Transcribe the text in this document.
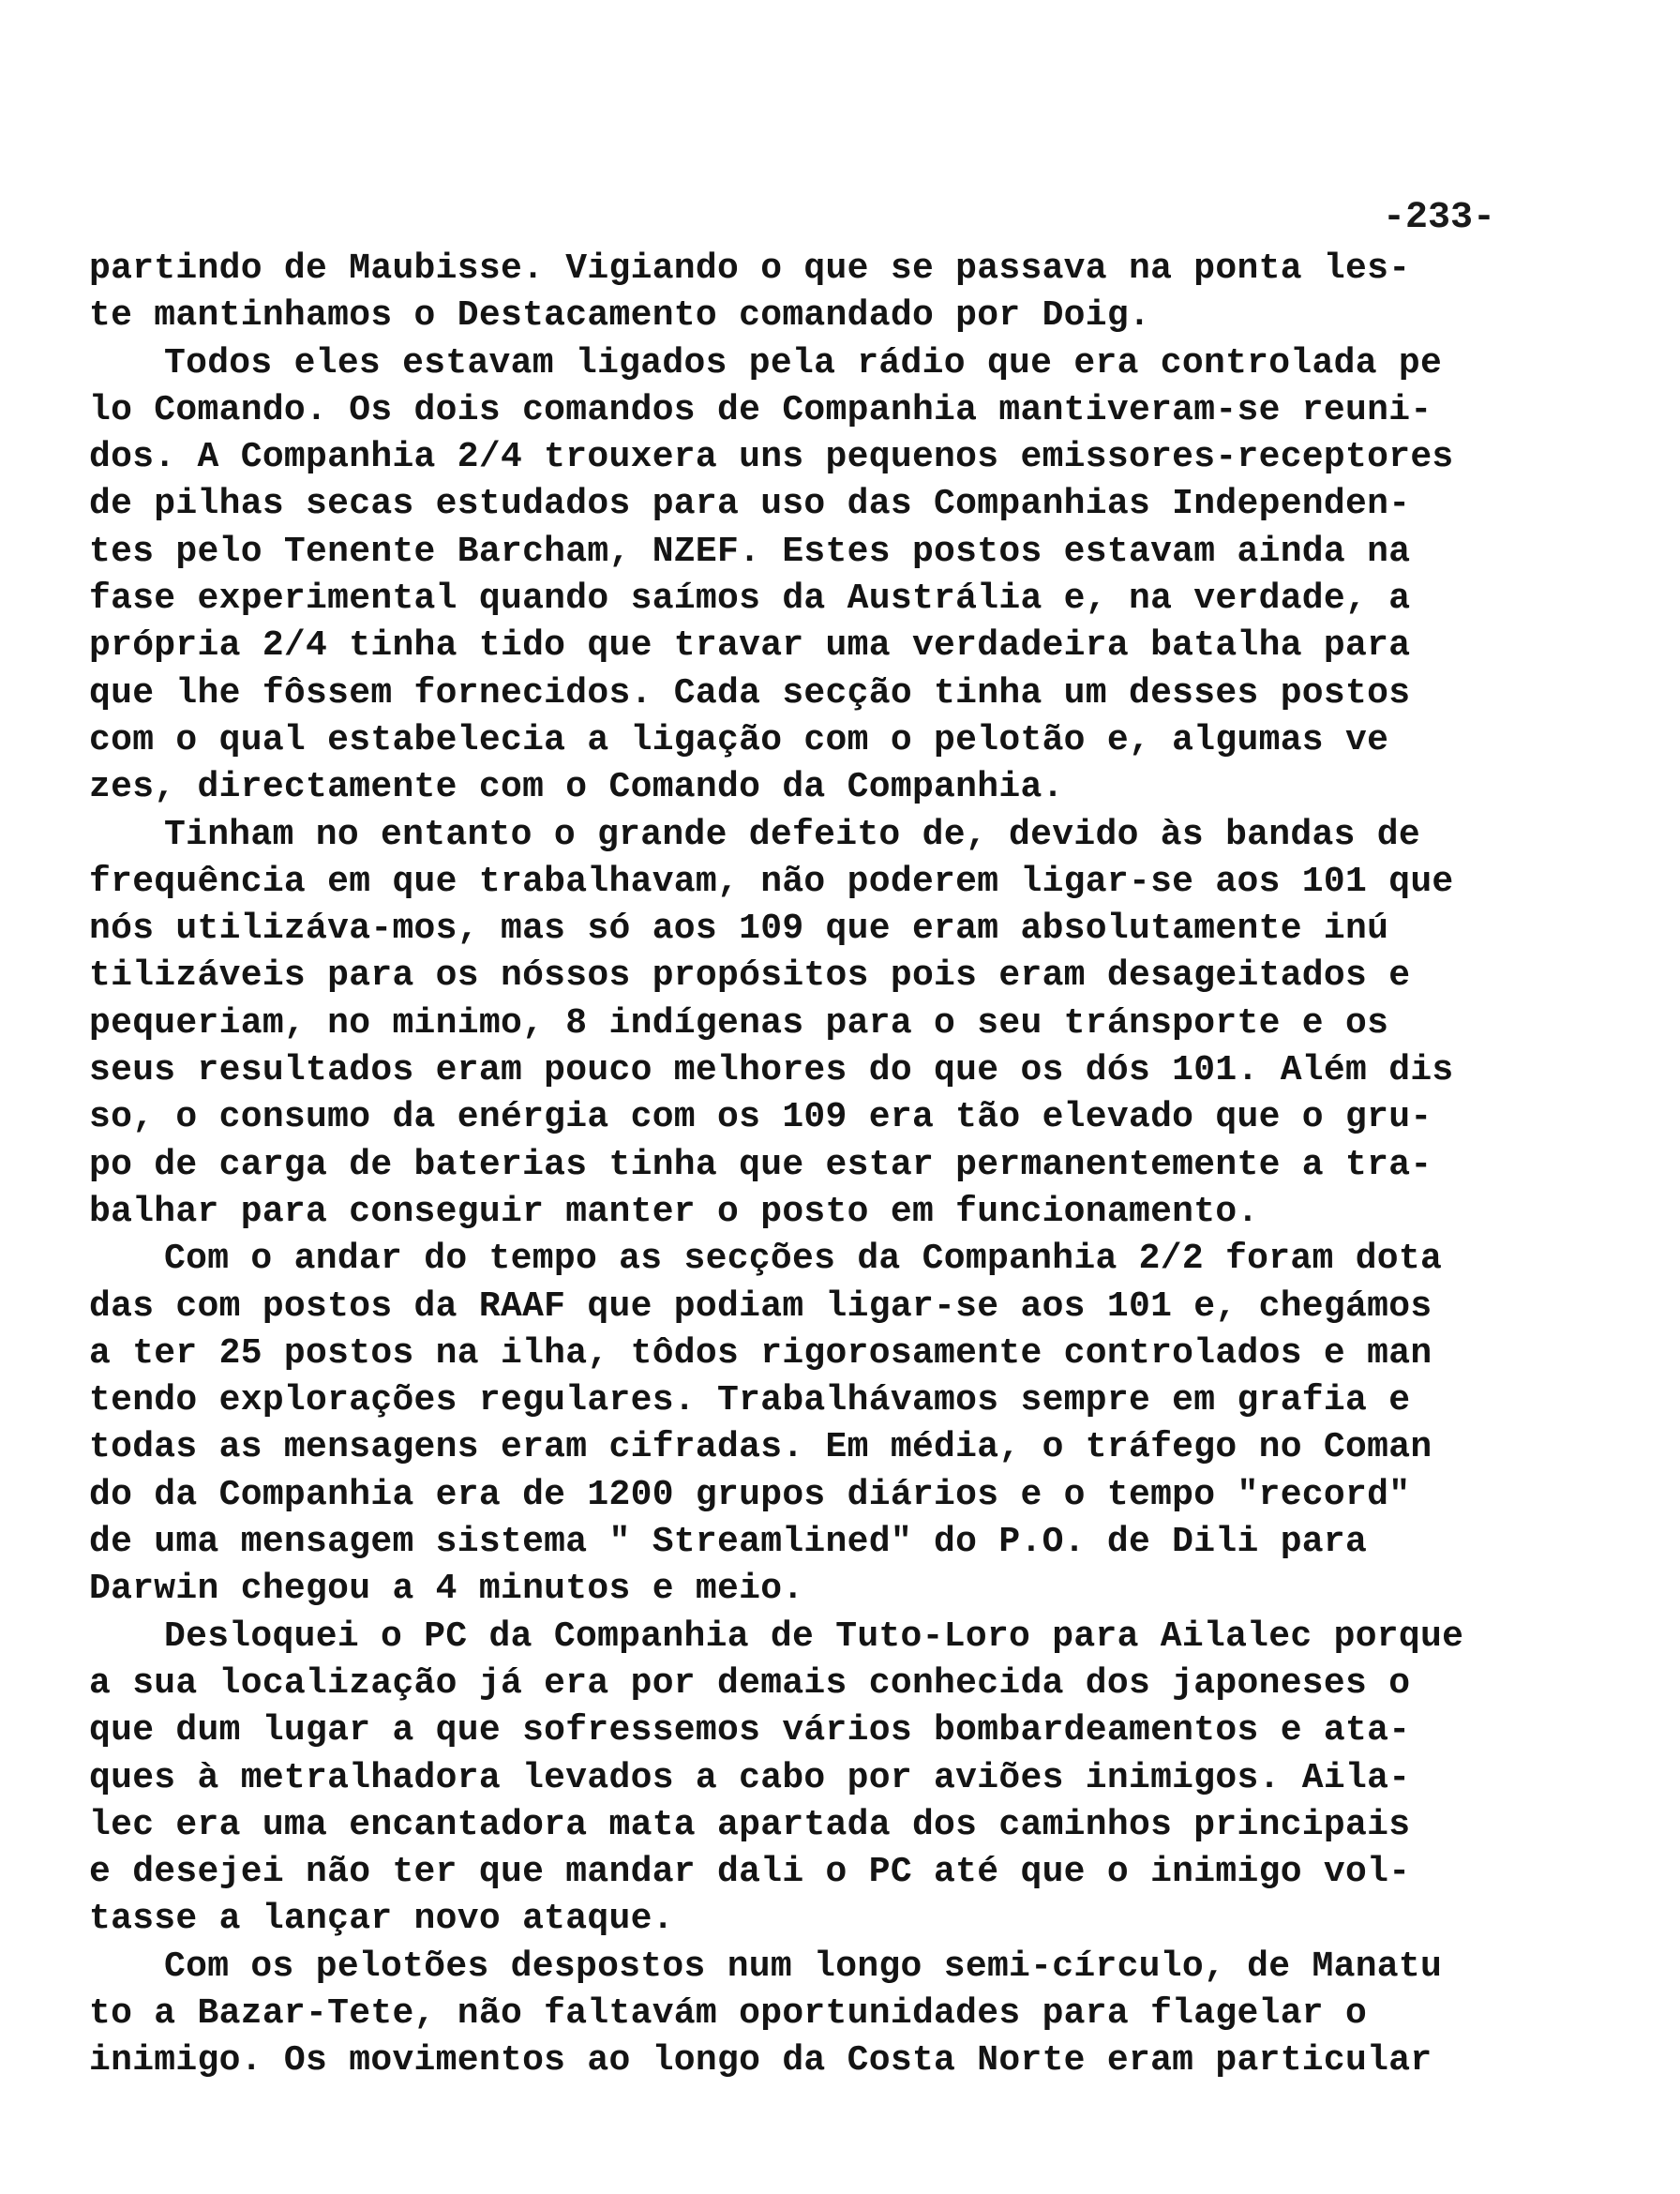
-233-
partindo de Maubisse. Vigiando o que se passava na ponta les-
te mantinhamos o Destacamento comandado por Doig.
Todos eles estavam ligados pela rádio que era controlada pe
lo Comando. Os dois comandos de Companhia mantiveram-se reuni-
dos. A Companhia 2/4 trouxera uns pequenos emissores-receptores
de pilhas secas estudados para uso das Companhias Independen-
tes pelo Tenente Barcham, NZEF. Estes postos estavam ainda na
fase experimental quando saímos da Austrália e, na verdade, a
própria 2/4 tinha tido que travar uma verdadeira batalha para
que lhe fôssem fornecidos. Cada secção tinha um desses postos
com o qual estabelecia a ligação com o pelotão e, algumas ve
zes, directamente com o Comando da Companhia.
Tinham no entanto o grande defeito de, devido às bandas de
frequência em que trabalhavam, não poderem ligar-se aos 101 que
nós utilizáva-mos, mas só aos 109 que eram absolutamente inú
tilizáveis para os nóssos propósitos pois eram desageitados e
pequeriam, no minimo, 8 indígenas para o seu tránsporte e os
seus resultados eram pouco melhores do que os dós 101. Além dis
so, o consumo da enérgia com os 109 era tão elevado que o gru-
po de carga de baterias tinha que estar permanentemente a tra-
balhar para conseguir manter o posto em funcionamento.
Com o andar do tempo as secções da Companhia 2/2 foram dota
das com postos da RAAF que podiam ligar-se aos 101 e, chegámos
a ter 25 postos na ilha, tôdos rigorosamente controlados e man
tendo explorações regulares. Trabalhávamos sempre em grafia e
todas as mensagens eram cifradas. Em média, o tráfego no Coman
do da Companhia era de 1200 grupos diários e o tempo "record"
de uma mensagem sistema " Streamlined" do P.O. de Dili para
Darwin chegou a 4 minutos e meio.
Desloquei o PC da Companhia de Tuto-Loro para Ailalec porque
a sua localização já era por demais conhecida dos japoneses o
que dum lugar a que sofressemos vários bombardeamentos e ata-
ques à metralhadora levados a cabo por aviões inimigos. Aila-
lec era uma encantadora mata apartada dos caminhos principais
e desejei não ter que mandar dali o PC até que o inimigo vol-
tasse a lançar novo ataque.
Com os pelotões despostos num longo semi-círculo, de Manatu
to a Bazar-Tete, não faltavám oportunidades para flagelar o
inimigo. Os movimentos ao longo da Costa Norte eram particular
